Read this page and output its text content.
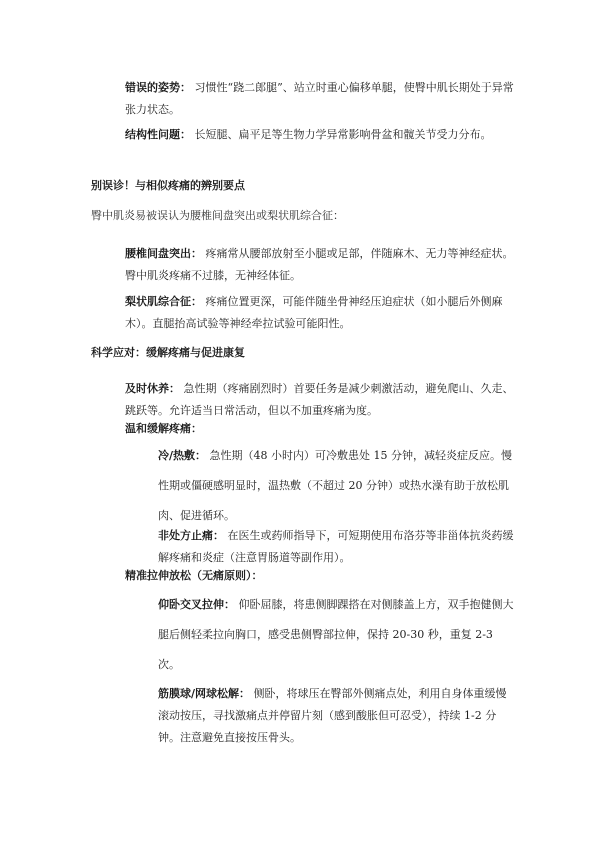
错误的姿势： 习惯性“跷二郎腿”、站立时重心偏移单腿，使臀中肌长期处于异常张力状态。

结构性问题： 长短腿、扁平足等生物力学异常影响骨盆和髋关节受力分布。

别误诊！与相似疼痛的辨别要点

臀中肌炎易被误认为腰椎间盘突出或梨状肌综合征：

腰椎间盘突出： 疼痛常从腰部放射至小腿或足部，伴随麻木、无力等神经症状。臀中肌炎疼痛不过膝，无神经体征。

梨状肌综合征： 疼痛位置更深，可能伴随坐骨神经压迫症状（如小腿后外侧麻木）。直腿抬高试验等神经牵拉试验可能阳性。

科学应对：缓解疼痛与促进康复

及时休养： 急性期（疼痛剧烈时）首要任务是减少刺激活动，避免爬山、久走、跳跃等。允许适当日常活动，但以不加重疼痛为度。

温和缓解疼痛：

冷/热敷： 急性期（48 小时内）可冷敷患处 15 分钟，减轻炎症反应。慢性期或僵硬感明显时，温热敷（不超过 20 分钟）或热水澡有助于放松肌肉、促进循环。

非处方止痛： 在医生或药师指导下，可短期使用布洛芬等非甾体抗炎药缓解疼痛和炎症（注意胃肠道等副作用）。

精准拉伸放松（无痛原则）：

仰卧交叉拉伸： 仰卧屈膝，将患侧脚踝搭在对侧膝盖上方，双手抱健侧大腿后侧轻柔拉向胸口，感受患侧臀部拉伸，保持 20-30 秒，重复 2-3 次。

筋膜球/网球松解： 侧卧，将球压在臀部外侧痛点处，利用自身体重缓慢滚动按压，寻找激痛点并停留片刻（感到酸胀但可忍受），持续 1-2 分钟。注意避免直接按压骨头。
